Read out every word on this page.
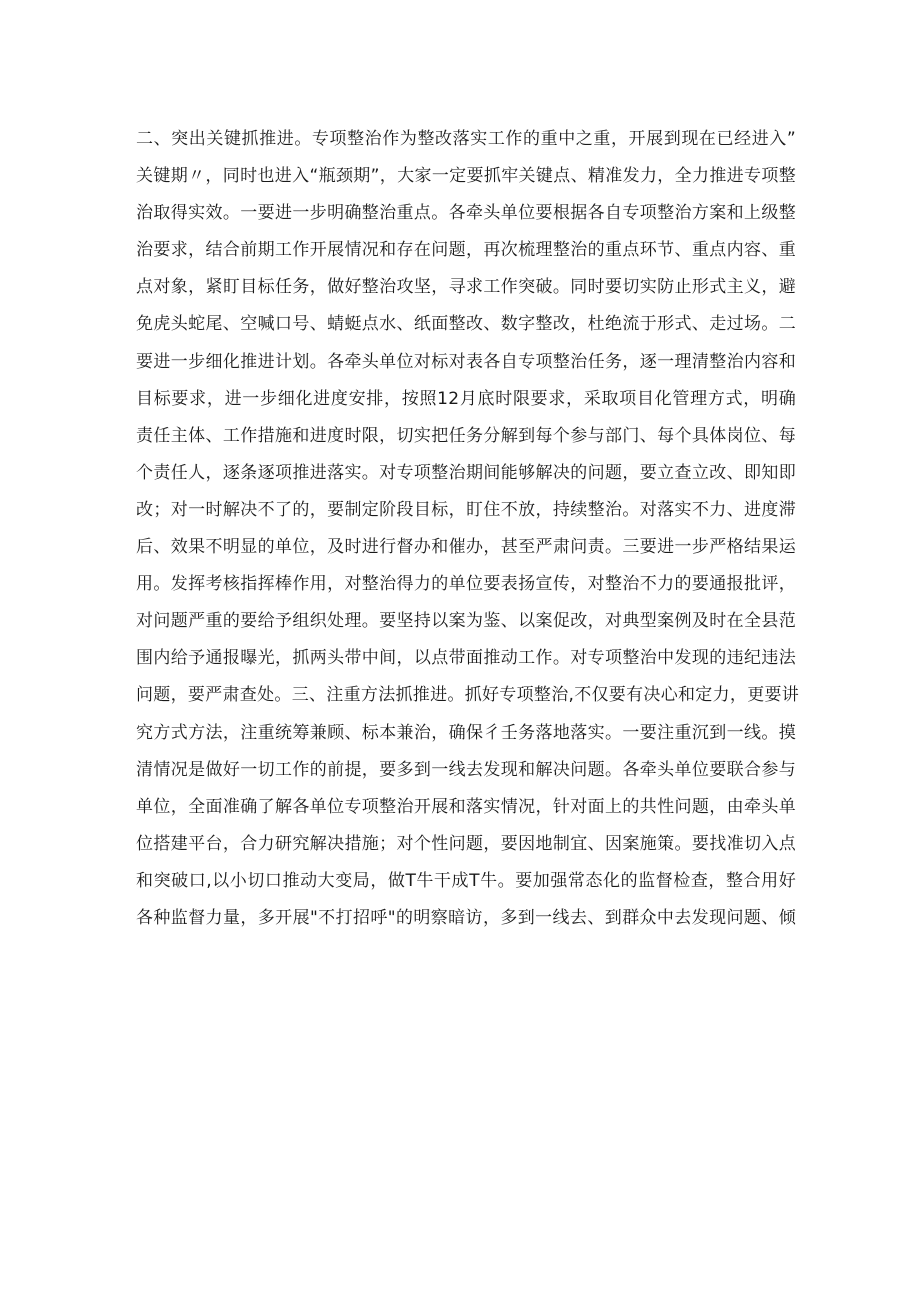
二、突出关键抓推进。专项整治作为整改落实工作的重中之重，开展到现在已经进入”
关键期〃，同时也进入“瓶颈期”，大家一定要抓牢关键点、精准发力，全力推进专项整
治取得实效。一要进一步明确整治重点。各牵头单位要根据各自专项整治方案和上级整
治要求，结合前期工作开展情况和存在问题，再次梳理整治的重点环节、重点内容、重
点对象，紧盯目标任务，做好整治攻坚，寻求工作突破。同时要切实防止形式主义，避
免虎头蛇尾、空喊口号、蜻蜓点水、纸面整改、数字整改，杜绝流于形式、走过场。二
要进一步细化推进计划。各牵头单位对标对表各自专项整治任务，逐一理清整治内容和
目标要求，进一步细化进度安排，按照12月底时限要求，采取项目化管理方式，明确
责任主体、工作措施和进度时限，切实把任务分解到每个参与部门、每个具体岗位、每
个责任人，逐条逐项推进落实。对专项整治期间能够解决的问题，要立查立改、即知即
改；对一时解决不了的，要制定阶段目标，盯住不放，持续整治。对落实不力、进度滞
后、效果不明显的单位，及时进行督办和催办，甚至严肃问责。三要进一步严格结果运
用。发挥考核指挥棒作用，对整治得力的单位要表扬宣传，对整治不力的要通报批评，
对问题严重的要给予组织处理。要坚持以案为鉴、以案促改，对典型案例及时在全县范
围内给予通报曝光，抓两头带中间，以点带面推动工作。对专项整治中发现的违纪违法
问题，要严肃查处。三、注重方法抓推进。抓好专项整治,不仅要有决心和定力，更要讲
究方式方法，注重统筹兼顾、标本兼治，确保彳壬务落地落实。一要注重沉到一线。摸
清情况是做好一切工作的前提，要多到一线去发现和解决问题。各牵头单位要联合参与
单位，全面准确了解各单位专项整治开展和落实情况，针对面上的共性问题，由牵头单
位搭建平台，合力研究解决措施；对个性问题，要因地制宜、因案施策。要找准切入点
和突破口,以小切口推动大变局，做T牛干成T牛。要加强常态化的监督检查，整合用好
各种监督力量，多开展"不打招呼"的明察暗访，多到一线去、到群众中去发现问题、倾
